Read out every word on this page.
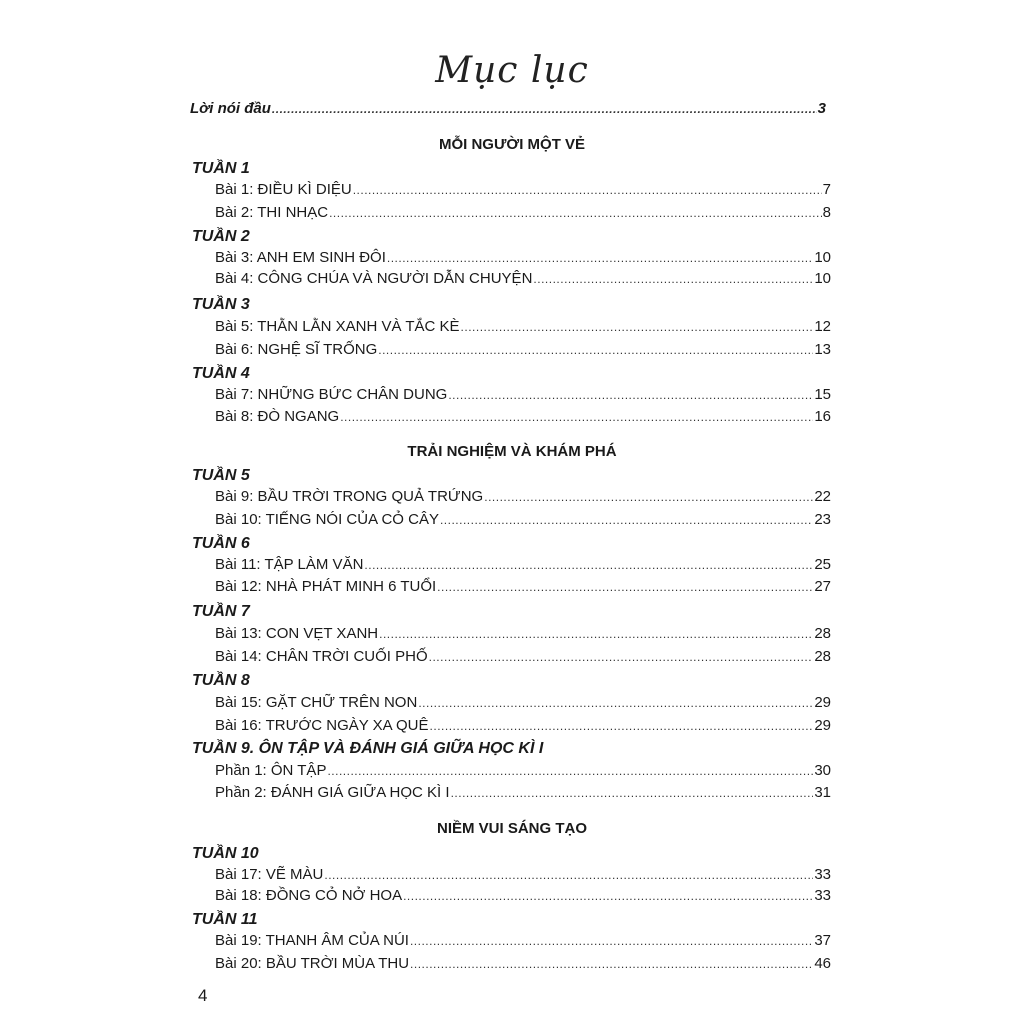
Mục lục
Lời nói đầu .....	3
MỖI NGƯỜI MỘT VẺ
TUẦN 1
Bài 1: ĐIỀU KÌ DIỆU .....	7
Bài 2: THI NHẠC .....	8
TUẦN 2
Bài 3: ANH EM SINH ĐÔI .....	10
Bài 4: CÔNG CHÚA VÀ NGƯỜI DẪN CHUYỆN .....	10
TUẦN 3
Bài 5: THẰN LẰN XANH VÀ TẮC KÈ .....	12
Bài 6: NGHỆ SĨ TRỐNG .....	13
TUẦN 4
Bài 7: NHỮNG BỨC CHÂN DUNG .....	15
Bài 8: ĐÒ NGANG .....	16
TRẢI NGHIỆM VÀ KHÁM PHÁ
TUẦN 5
Bài 9: BẦU TRỜI TRONG QUẢ TRỨNG .....	22
Bài 10: TIẾNG NÓI CỦA CỎ CÂY .....	23
TUẦN 6
Bài 11: TẬP LÀM VĂN .....	25
Bài 12: NHÀ PHÁT MINH 6 TUỔI .....	27
TUẦN 7
Bài 13: CON VẸT XANH .....	28
Bài 14: CHÂN TRỜI CUỐI PHỐ .....	28
TUẦN 8
Bài 15: GẶT CHỮ TRÊN NON .....	29
Bài 16: TRƯỚC NGÀY XA QUÊ .....	29
TUẦN 9. ÔN TẬP VÀ ĐÁNH GIÁ GIỮA HỌC KÌ I
Phần 1: ÔN TẬP .....	30
Phần 2: ĐÁNH GIÁ GIỮA HỌC KÌ I .....	31
NIỀM VUI SÁNG TẠO
TUẦN 10
Bài 17: VẼ MÀU .....	33
Bài 18: ĐỒNG CỎ NỞ HOA .....	33
TUẦN 11
Bài 19: THANH ÂM CỦA NÚI .....	37
Bài 20: BẦU TRỜI MÙA THU .....	46
4
